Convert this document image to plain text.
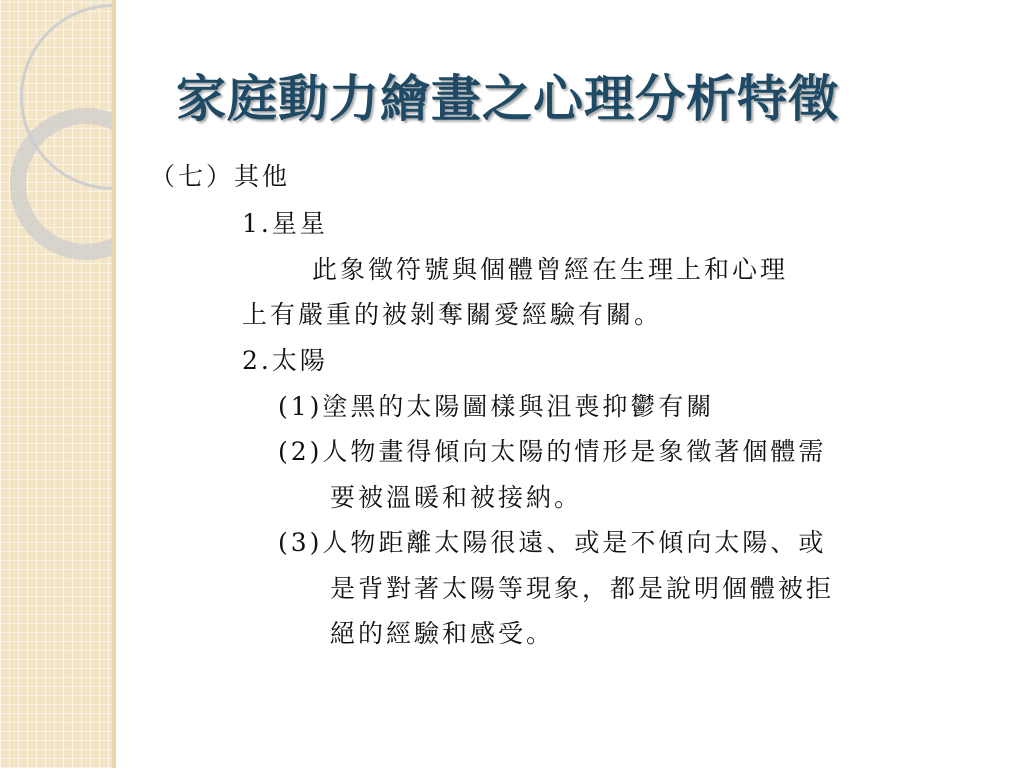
家庭動力繪畫之心理分析特徵
（七）其他
1.星星
此象徵符號與個體曾經在生理上和心理
上有嚴重的被剝奪關愛經驗有關。
2.太陽
(1)塗黑的太陽圖樣與沮喪抑鬱有關
(2)人物畫得傾向太陽的情形是象徵著個體需
要被溫暖和被接納。
(3)人物距離太陽很遠、或是不傾向太陽、或
是背對著太陽等現象，都是說明個體被拒
絕的經驗和感受。
